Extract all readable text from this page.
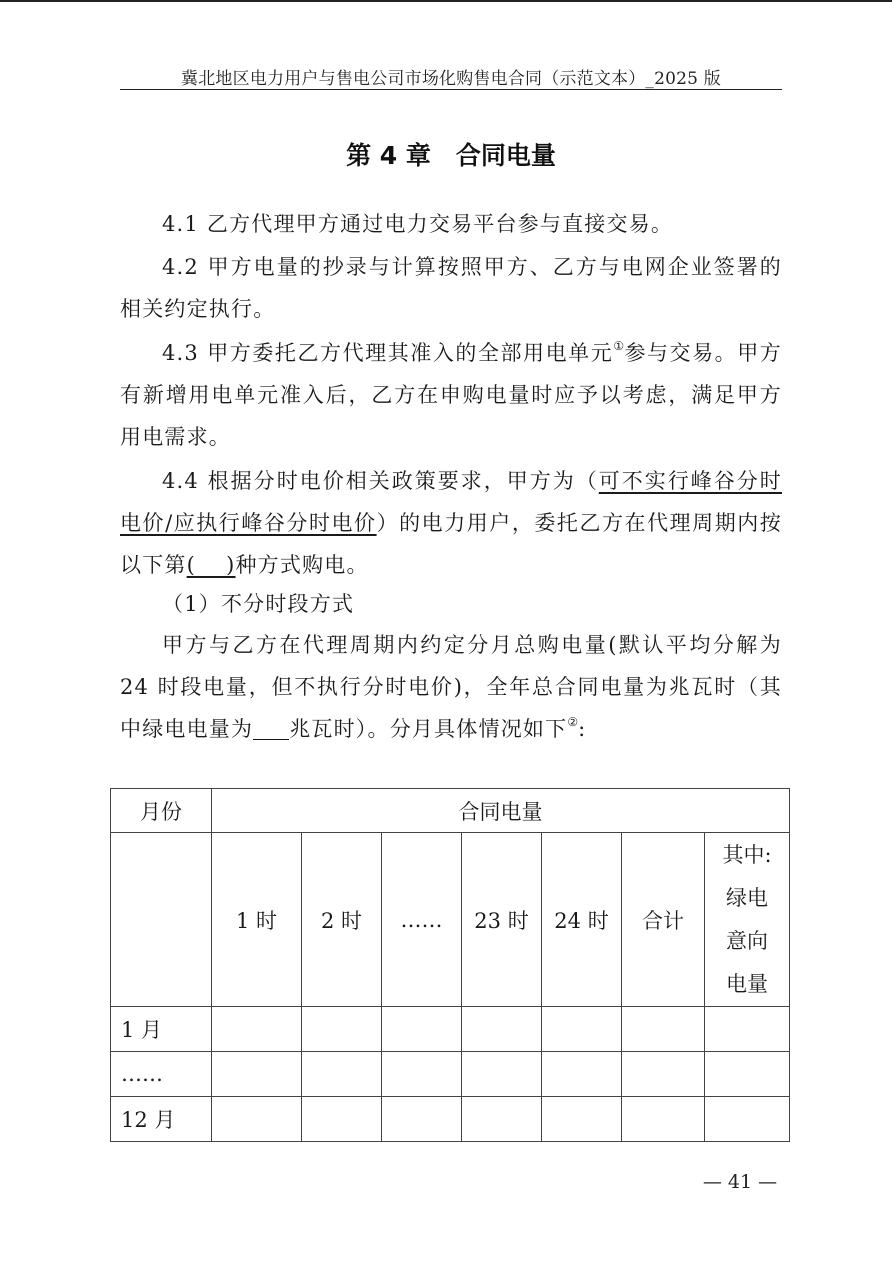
冀北地区电力用户与售电公司市场化购售电合同（示范文本）_2025 版
第 4 章　合同电量
4.1 乙方代理甲方通过电力交易平台参与直接交易。
4.2 甲方电量的抄录与计算按照甲方、乙方与电网企业签署的相关约定执行。
4.3 甲方委托乙方代理其准入的全部用电单元①参与交易。甲方有新增用电单元准入后，乙方在申购电量时应予以考虑，满足甲方用电需求。
4.4 根据分时电价相关政策要求，甲方为（可不实行峰谷分时电价/应执行峰谷分时电价）的电力用户，委托乙方在代理周期内按以下第(　 )种方式购电。
（1）不分时段方式
甲方与乙方在代理周期内约定分月总购电量(默认平均分解为 24 时段电量，但不执行分时电价)，全年总合同电量为兆瓦时（其中绿电电量为 兆瓦时）。分月具体情况如下②:
月份	合同电量						
	1 时	2 时	……	23 时	24 时	合计	其中:
绿电
意向
电量

1 月							
……							
12 月							
— 41 —
